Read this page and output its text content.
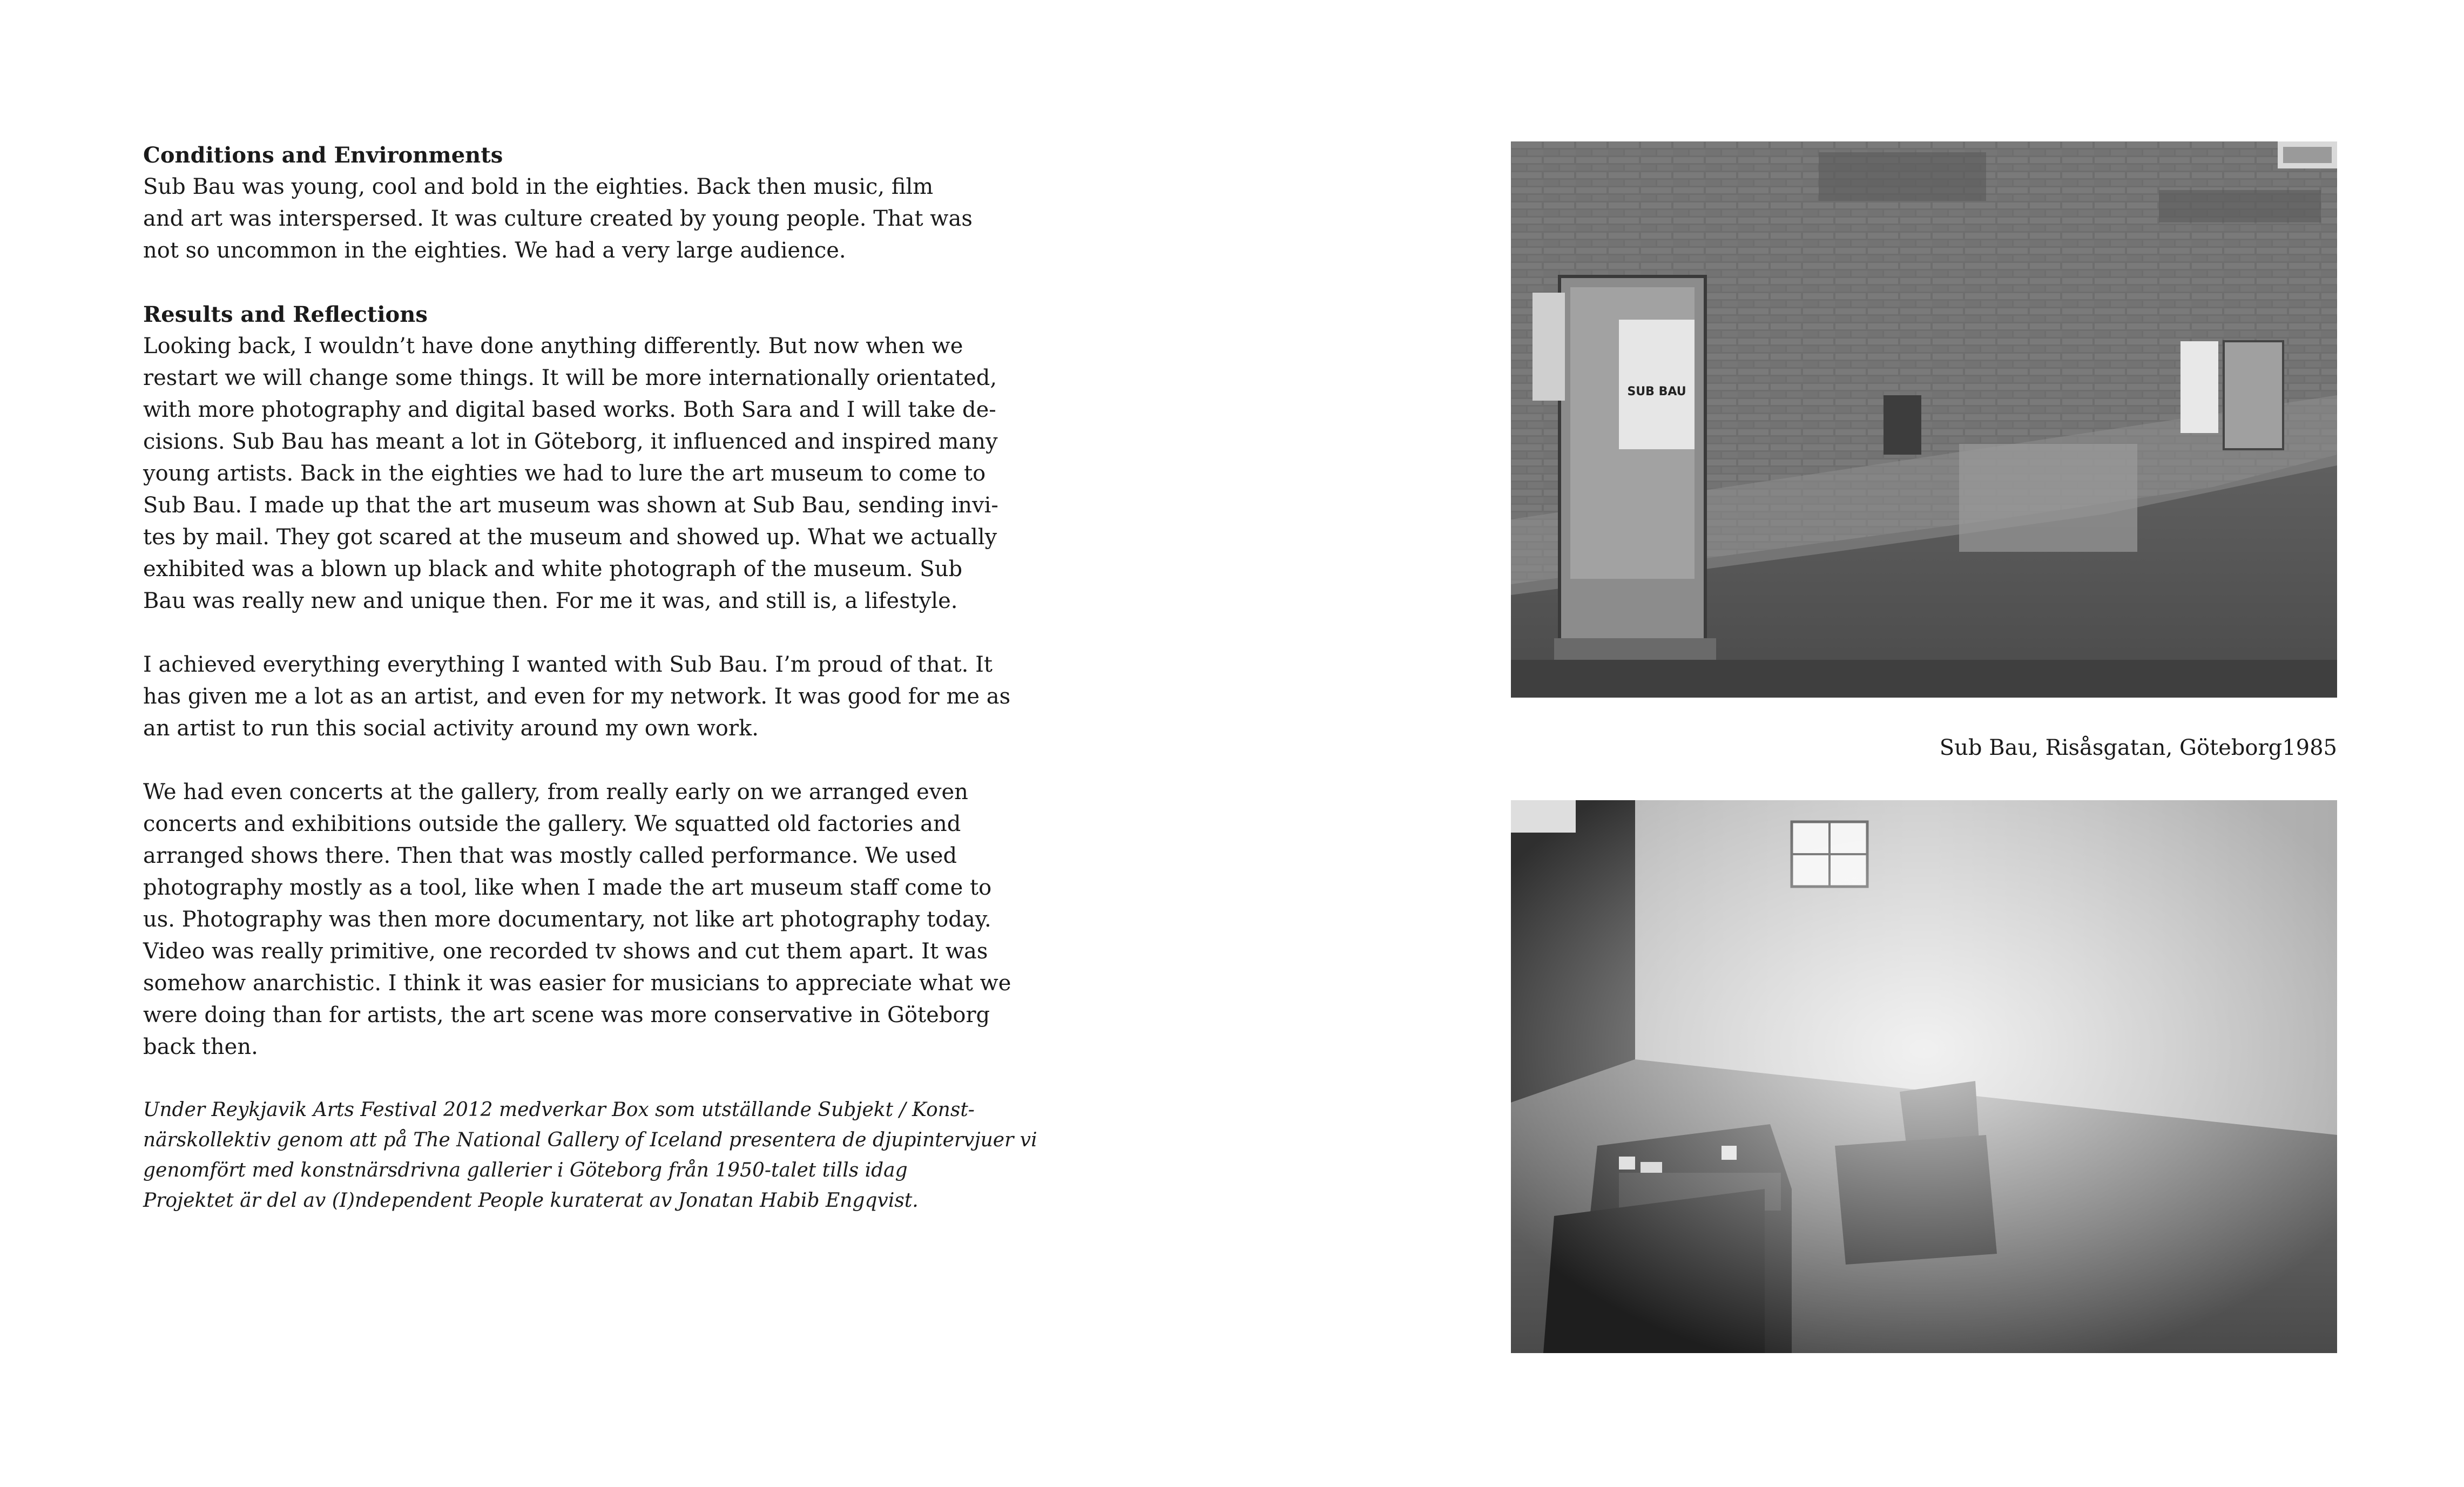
Conditions and Environments
Sub Bau was young, cool and bold in the eighties. Back then music, film
and art was interspersed. It was culture created by young people. That was
not so uncommon in the eighties. We had a very large audience.
Results and Reflections
Looking back, I wouldn’t have done anything differently. But now when we
restart we will change some things. It will be more internationally orientated,
with more photography and digital based works. Both Sara and I will take de-
cisions. Sub Bau has meant a lot in Göteborg, it influenced and inspired many
young artists. Back in the eighties we had to lure the art museum to come to
Sub Bau. I made up that the art museum was shown at Sub Bau, sending invi-
tes by mail. They got scared at the museum and showed up. What we actually
exhibited was a blown up black and white photograph of the museum. Sub
Bau was really new and unique then. For me it was, and still is, a lifestyle.
I achieved everything everything I wanted with Sub Bau. I’m proud of that. It
has given me a lot as an artist, and even for my network. It was good for me as
an artist to run this social activity around my own work.
We had even concerts at the gallery, from really early on we arranged even
concerts and exhibitions outside the gallery. We squatted old factories and
arranged shows there. Then that was mostly called performance. We used
photography mostly as a tool, like when I made the art museum staff come to
us. Photography was then more documentary, not like art photography today.
Video was really primitive, one recorded tv shows and cut them apart. It was
somehow anarchistic. I think it was easier for musicians to appreciate what we
were doing than for artists, the art scene was more conservative in Göteborg
back then.
Under Reykjavik Arts Festival 2012 medverkar Box som utställande Subjekt / Konst-
närskollektiv genom att på The National Gallery of Iceland presentera de djupintervjuer vi
genomfört med konstnärsdrivna gallerier i Göteborg från 1950-talet tills idag
Projektet är del av (I)ndependent People kuraterat av Jonatan Habib Engqvist.
SUB BAU
Sub Bau, Risåsgatan, Göteborg1985
